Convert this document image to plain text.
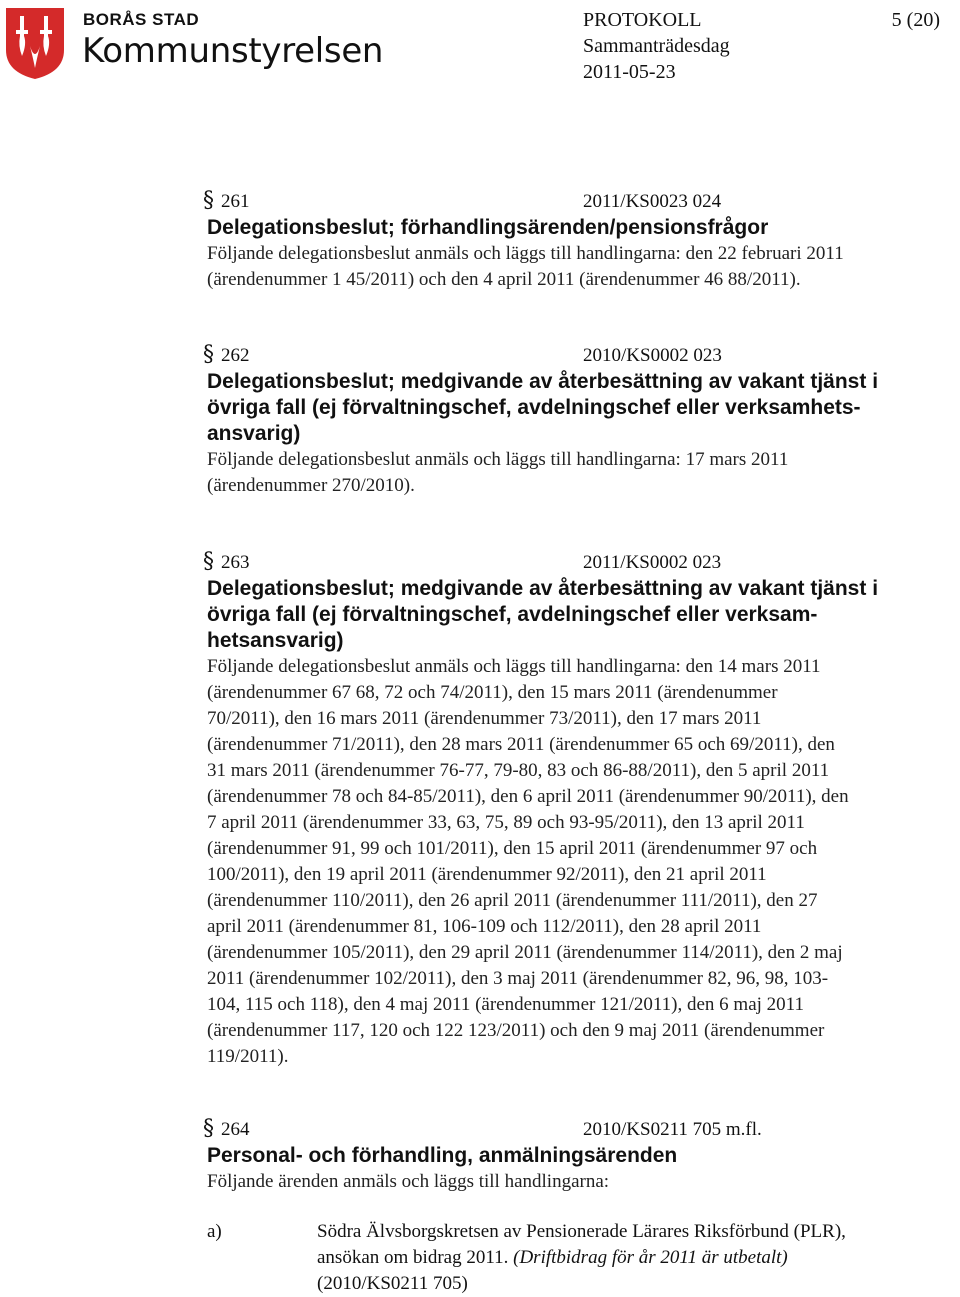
BORÅS STAD
Kommunstyrelsen
PROTOKOLL	5 (20)
Sammanträdesdag
2011-05-23
§ 261	2011/KS0023 024
Delegationsbeslut; förhandlingsärenden/pensionsfrågor
Följande delegationsbeslut anmäls och läggs till handlingarna: den 22 februari 2011
(ärendenummer 1 45/2011) och den 4 april 2011 (ärendenummer 46 88/2011).
§ 262	2010/KS0002 023
Delegationsbeslut; medgivande av återbesättning av vakant tjänst i
övriga fall (ej förvaltningschef, avdelningschef eller verksamhets-
ansvarig)
Följande delegationsbeslut anmäls och läggs till handlingarna: 17 mars 2011
(ärendenummer 270/2010).
§ 263	2011/KS0002 023
Delegationsbeslut; medgivande av återbesättning av vakant tjänst i
övriga fall (ej förvaltningschef, avdelningschef eller verksam-
hetsansvarig)
Följande delegationsbeslut anmäls och läggs till handlingarna: den 14 mars 2011
(ärendenummer 67 68, 72 och 74/2011), den 15 mars 2011 (ärendenummer
70/2011), den 16 mars 2011 (ärendenummer 73/2011), den 17 mars 2011
(ärendenummer 71/2011), den 28 mars 2011 (ärendenummer 65 och 69/2011), den
31 mars 2011 (ärendenummer 76-77, 79-80, 83 och 86-88/2011), den 5 april 2011
(ärendenummer 78 och 84-85/2011), den 6 april 2011 (ärendenummer 90/2011), den
7 april 2011 (ärendenummer 33, 63, 75, 89 och 93-95/2011), den 13 april 2011
(ärendenummer 91, 99 och 101/2011), den 15 april 2011 (ärendenummer 97 och
100/2011), den 19 april 2011 (ärendenummer 92/2011), den 21 april 2011
(ärendenummer 110/2011), den 26 april 2011 (ärendenummer 111/2011), den 27
april 2011 (ärendenummer 81, 106-109 och 112/2011), den 28 april 2011
(ärendenummer 105/2011), den 29 april 2011 (ärendenummer 114/2011), den 2 maj
2011 (ärendenummer 102/2011), den 3 maj 2011 (ärendenummer 82, 96, 98, 103-
104, 115 och 118), den 4 maj 2011 (ärendenummer 121/2011), den 6 maj 2011
(ärendenummer 117, 120 och 122 123/2011) och den 9 maj 2011 (ärendenummer
119/2011).
§ 264	2010/KS0211 705 m.fl.
Personal- och förhandling, anmälningsärenden
Följande ärenden anmäls och läggs till handlingarna:
a)	Södra Älvsborgskretsen av Pensionerade Lärares Riksförbund (PLR),
ansökan om bidrag 2011. (Driftbidrag för år 2011 är utbetalt)
(2010/KS0211 705)
